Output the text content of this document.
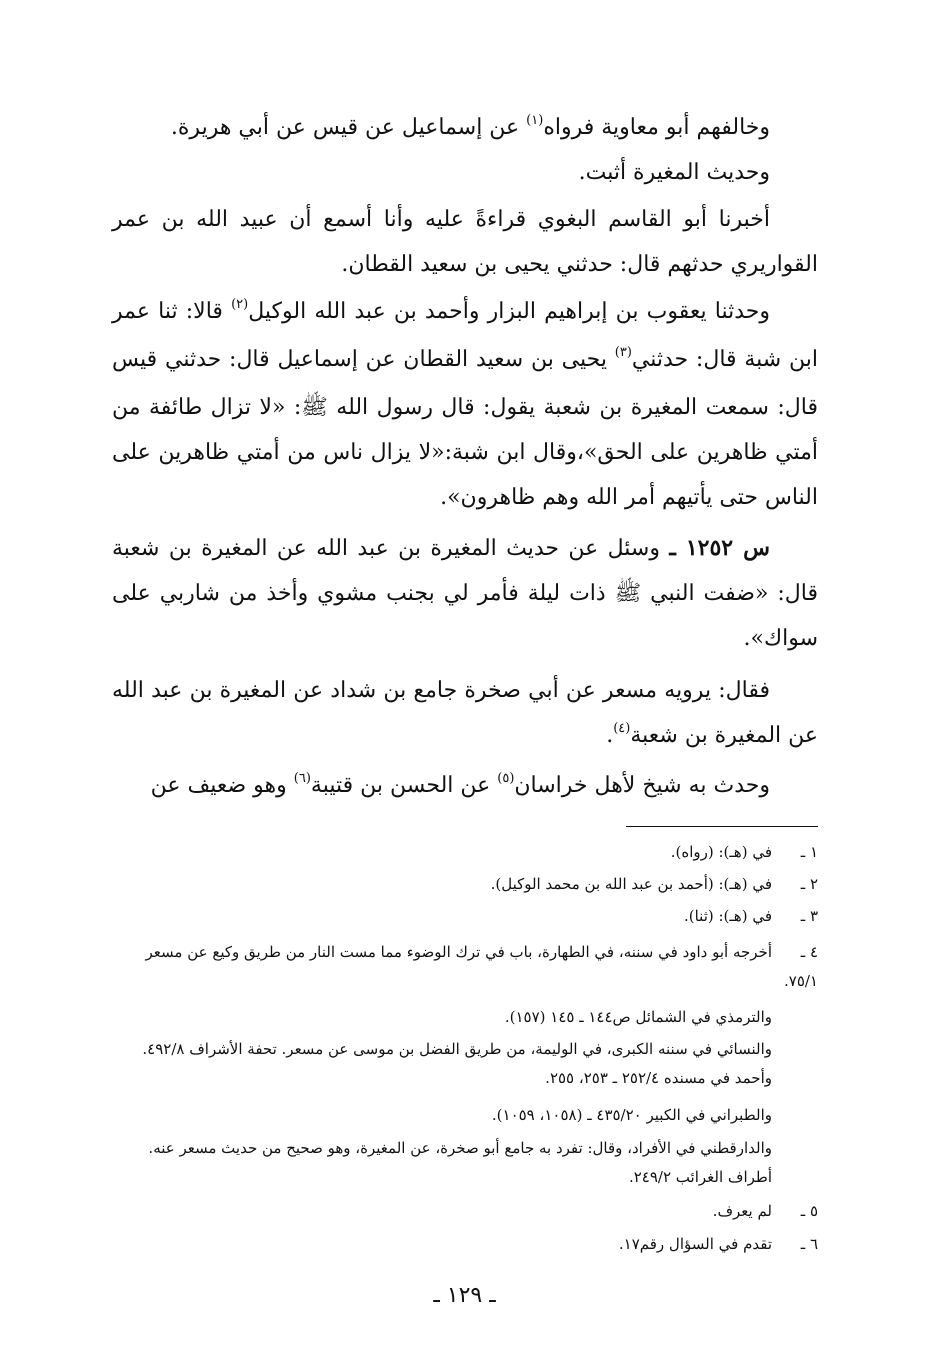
وخالفهم أبو معاوية فرواه$^{(١)}$ عن إسماعيل عن قيس عن أبي هريرة.
وحديث المغيرة أثبت.
أخبرنا أبو القاسم البغوي قراءةً عليه وأنا أسمع أن عبيد الله بن عمر القواريري حدثهم قال: حدثني يحيى بن سعيد القطان.
وحدثنا يعقوب بن إبراهيم البزار وأحمد بن عبد الله الوكيل$^{(٢)}$ قالا: ثنا عمر ابن شبة قال: حدثني$^{(٣)}$ يحيى بن سعيد القطان عن إسماعيل قال: حدثني قيس قال: سمعت المغيرة بن شعبة يقول: قال رسول الله ﷺ: «لا تزال طائفة من أمتي ظاهرين على الحق»،وقال ابن شبة:«لا يزال ناس من أمتي ظاهرين على الناس حتى يأتيهم أمر الله وهم ظاهرون».
س ١٢٥٢ ـ وسئل عن حديث المغيرة بن عبد الله عن المغيرة بن شعبة قال: «ضفت النبي ﷺ ذات ليلة فأمر لي بجنب مشوي وأخذ من شاربي على سواك».
فقال: يرويه مسعر عن أبي صخرة جامع بن شداد عن المغيرة بن عبد الله عن المغيرة بن شعبة$^{(٤)}$.
وحدث به شيخ لأهل خراسان$^{(٥)}$ عن الحسن بن قتيبة$^{(٦)}$ وهو ضعيف عن
١ ـفي (هـ): (رواه).
٢ ـفي (هـ): (أحمد بن عبد الله بن محمد الوكيل).
٣ ـفي (هـ): (ثنا).
٤ ـأخرجه أبو داود في سننه، في الطهارة، باب في ترك الوضوء مما مست النار من طريق وكيع عن مسعر ٧٥/١.
والترمذي في الشمائل ص١٤٤ ـ ١٤٥ (١٥٧).
والنسائي في سننه الكبرى، في الوليمة، من طريق الفضل بن موسى عن مسعر. تحفة الأشراف ٤٩٢/٨.
وأحمد في مسنده ٢٥٢/٤ ـ ٢٥٣، ٢٥٥.
والطبراني في الكبير ٤٣٥/٢٠ ـ (١٠٥٨، ١٠٥٩).
والدارقطني في الأفراد، وقال: تفرد به جامع أبو صخرة، عن المغيرة، وهو صحيح من حديث مسعر عنه. أطراف الغرائب ٢٤٩/٢.
٥ ـلم يعرف.
٦ ـتقدم في السؤال رقم١٧.
ـ ١٢٩ ـ
